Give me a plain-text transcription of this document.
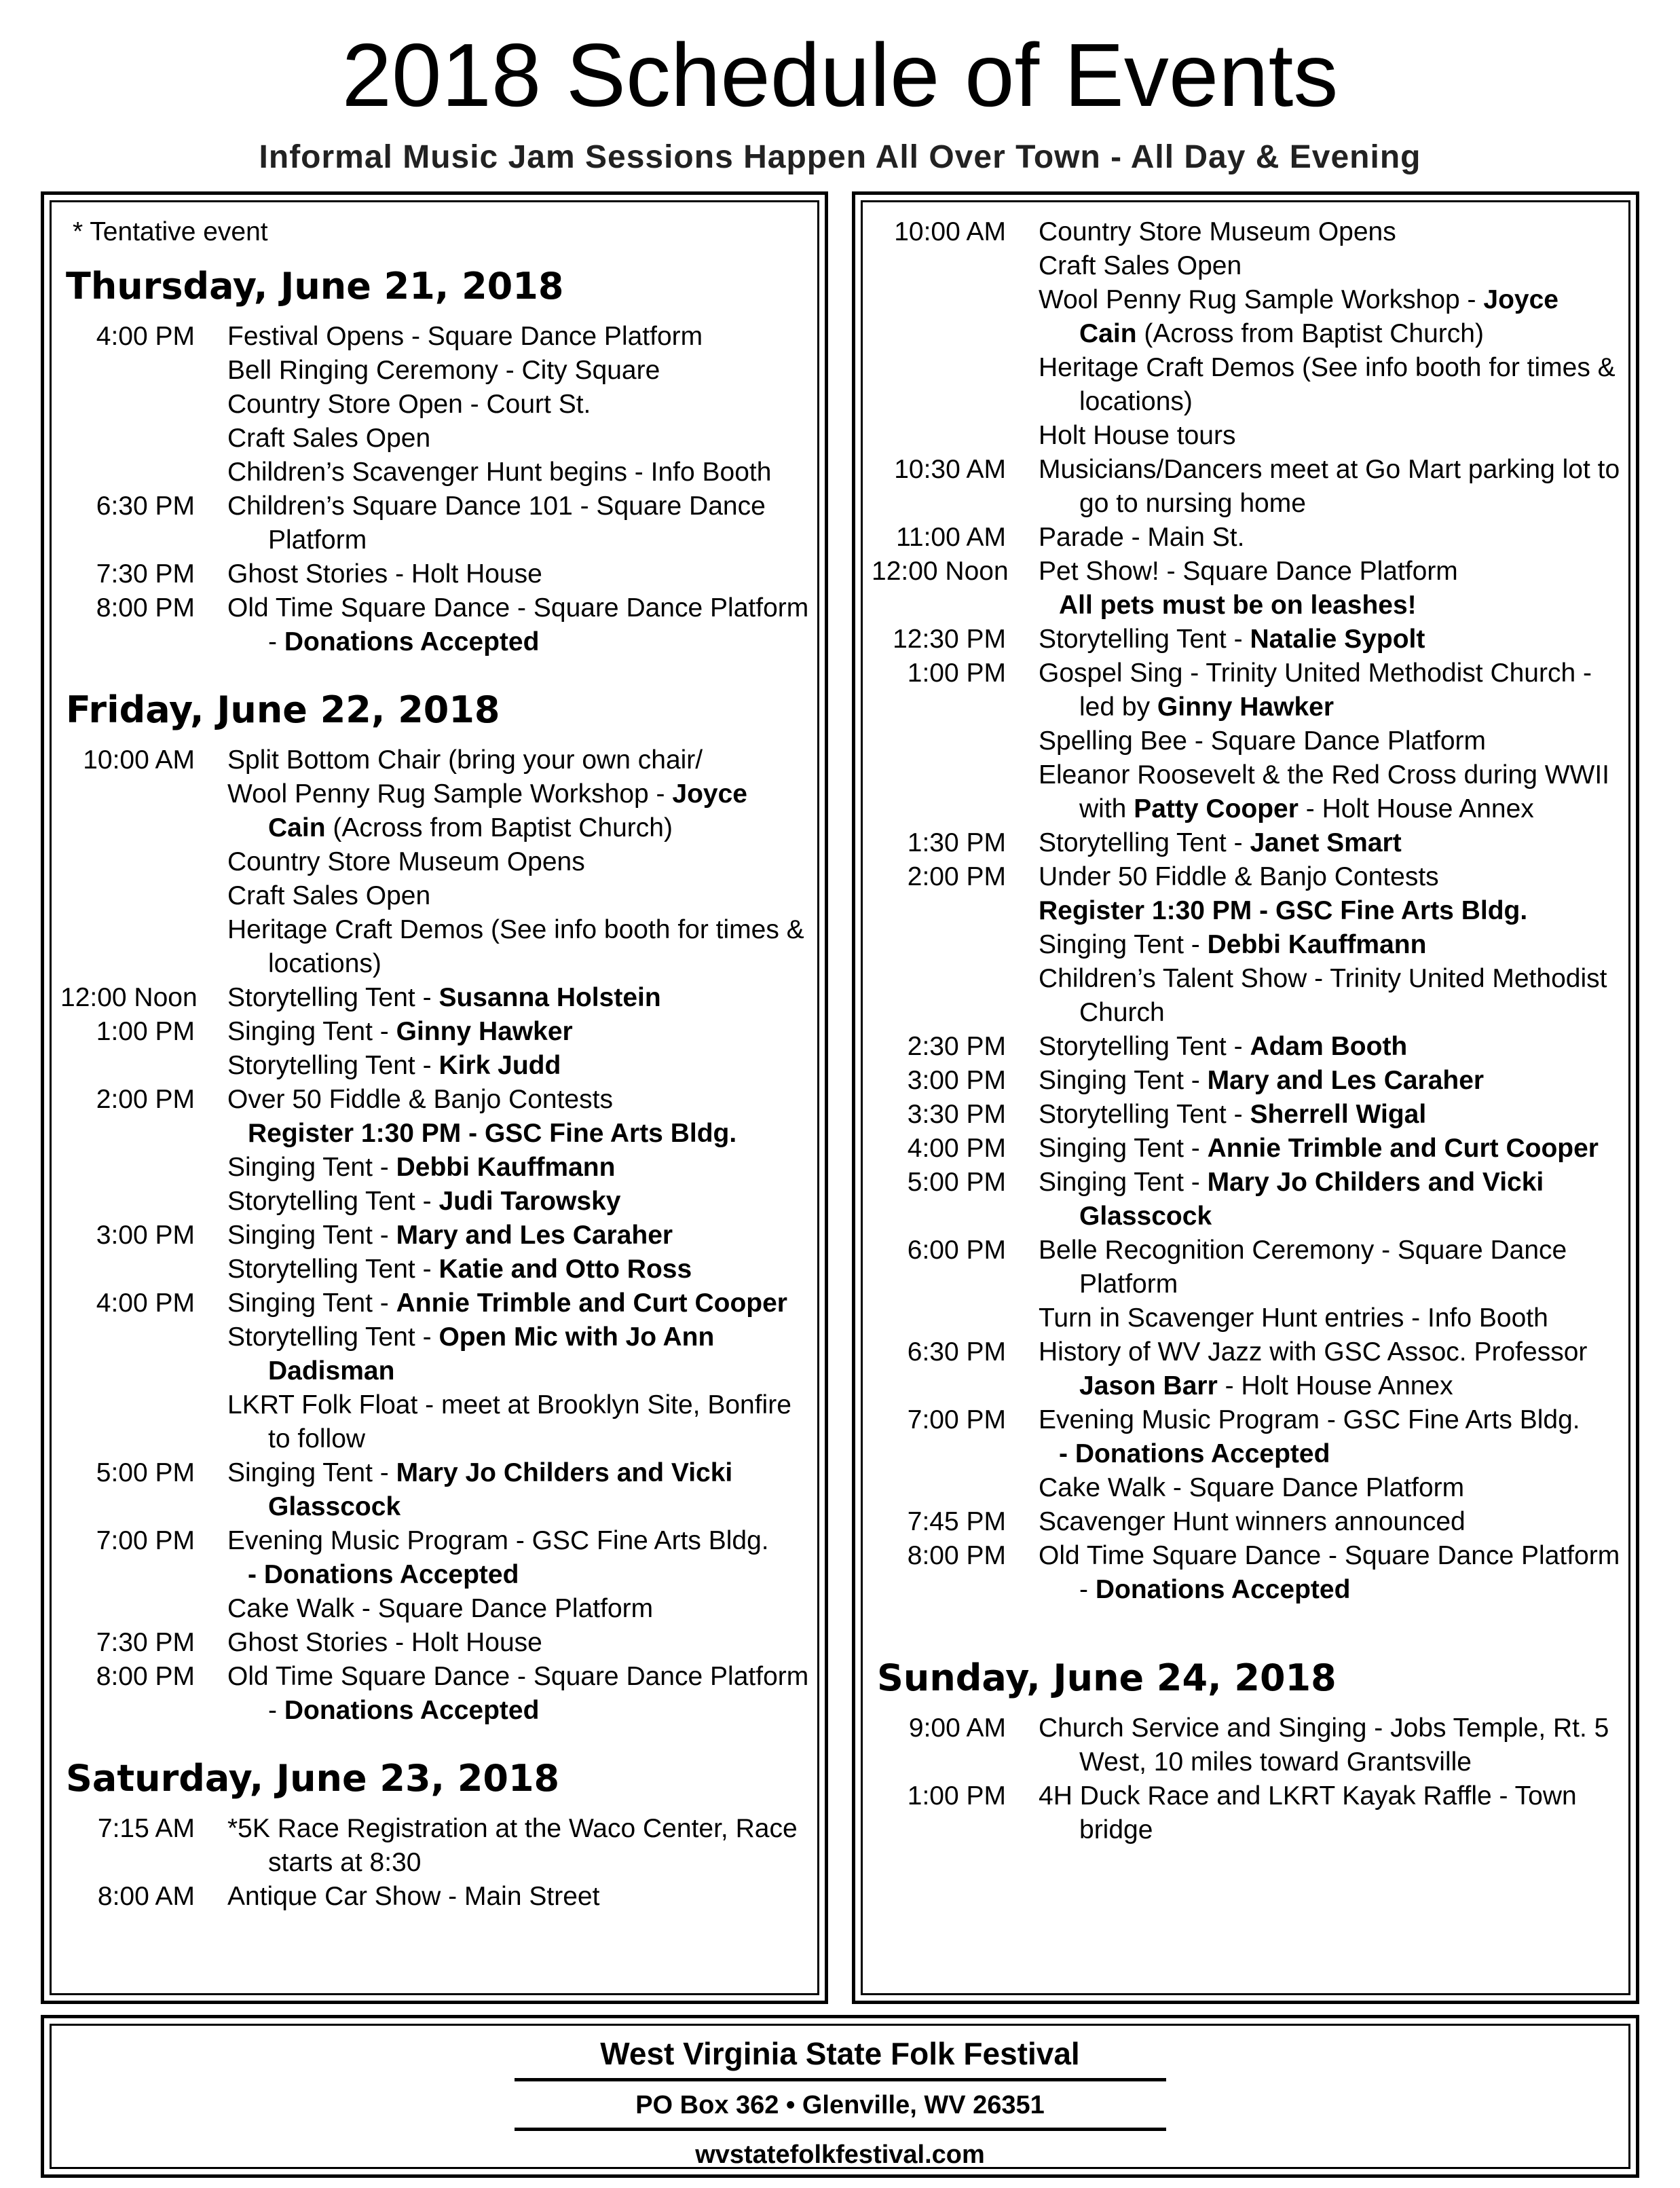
2018 Schedule of Events
Informal Music Jam Sessions Happen All Over Town - All Day & Evening
* Tentative event
Thursday, June 21, 2018
4:00 PM	Festival Opens - Square Dance Platform
Bell Ringing Ceremony - City Square
Country Store Open - Court St.
Craft Sales Open
Children’s Scavenger Hunt begins - Info Booth
6:30 PM	Children’s Square Dance 101 - Square Dance Platform
7:30 PM	Ghost Stories - Holt House
8:00 PM	Old Time Square Dance - Square Dance Platform - Donations Accepted
Friday, June 22, 2018
10:00 AM	Split Bottom Chair (bring your own chair/
Wool Penny Rug Sample Workshop - Joyce Cain (Across from Baptist Church)
Country Store Museum Opens
Craft Sales Open
Heritage Craft Demos (See info booth for times & locations)
12:00 Noon	Storytelling Tent - Susanna Holstein
1:00 PM	Singing Tent - Ginny Hawker
Storytelling Tent - Kirk Judd
2:00 PM	Over 50 Fiddle & Banjo Contests
Register 1:30 PM - GSC Fine Arts Bldg.
Singing Tent - Debbi Kauffmann
Storytelling Tent - Judi Tarowsky
3:00 PM	Singing Tent - Mary and Les Caraher
Storytelling Tent - Katie and Otto Ross
4:00 PM	Singing Tent - Annie Trimble and Curt Cooper
Storytelling Tent - Open Mic with Jo Ann Dadisman
LKRT Folk Float - meet at Brooklyn Site, Bonfire to follow
5:00 PM	Singing Tent - Mary Jo Childers and Vicki Glasscock
7:00 PM	Evening Music Program - GSC Fine Arts Bldg.
- Donations Accepted
Cake Walk - Square Dance Platform
7:30 PM	Ghost Stories - Holt House
8:00 PM	Old Time Square Dance - Square Dance Platform - Donations Accepted
Saturday, June 23, 2018
7:15 AM	*5K Race Registration at the Waco Center, Race starts at 8:30
8:00 AM	Antique Car Show - Main Street
10:00 AM	Country Store Museum Opens
Craft Sales Open
Wool Penny Rug Sample Workshop - Joyce Cain (Across from Baptist Church)
Heritage Craft Demos (See info booth for times & locations)
Holt House tours
10:30 AM	Musicians/Dancers meet at Go Mart parking lot to go to nursing home
11:00 AM	Parade - Main St.
12:00 Noon	Pet Show! - Square Dance Platform
All pets must be on leashes!
12:30 PM	Storytelling Tent - Natalie Sypolt
1:00 PM	Gospel Sing - Trinity United Methodist Church - led by Ginny Hawker
Spelling Bee - Square Dance Platform
Eleanor Roosevelt & the Red Cross during WWII with Patty Cooper - Holt House Annex
1:30 PM	Storytelling Tent - Janet Smart
2:00 PM	Under 50 Fiddle & Banjo Contests
Register 1:30 PM - GSC Fine Arts Bldg.
Singing Tent - Debbi Kauffmann
Children’s Talent Show - Trinity United Methodist Church
2:30 PM	Storytelling Tent - Adam Booth
3:00 PM	Singing Tent - Mary and Les Caraher
3:30 PM	Storytelling Tent - Sherrell Wigal
4:00 PM	Singing Tent - Annie Trimble and Curt Cooper
5:00 PM	Singing Tent - Mary Jo Childers and Vicki Glasscock
6:00 PM	Belle Recognition Ceremony - Square Dance Platform
Turn in Scavenger Hunt entries - Info Booth
6:30 PM	History of WV Jazz with GSC Assoc. Professor Jason Barr - Holt House Annex
7:00 PM	Evening Music Program - GSC Fine Arts Bldg.
- Donations Accepted
Cake Walk - Square Dance Platform
7:45 PM	Scavenger Hunt winners announced
8:00 PM	Old Time Square Dance - Square Dance Platform - Donations Accepted
Sunday, June 24, 2018
9:00 AM	Church Service and Singing - Jobs Temple, Rt. 5 West, 10 miles toward Grantsville
1:00 PM	4H Duck Race and LKRT Kayak Raffle - Town bridge
West Virginia State Folk Festival
PO Box 362 • Glenville, WV 26351
wvstatefolkfestival.com
